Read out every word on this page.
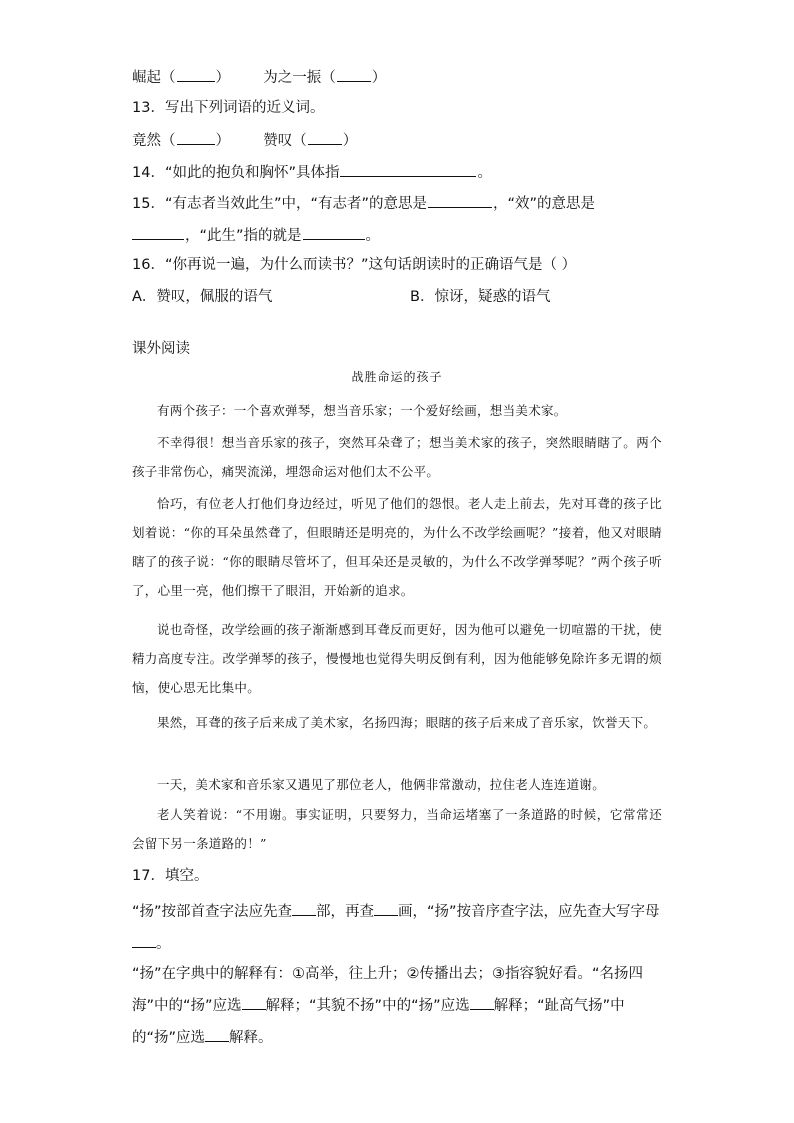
崛起（	） 为之一振（ ）
13．写出下列词语的近义词。
竟然（	） 赞叹（ ）
14．“如此的抱负和胸怀”具体指	。
15．“有志者当效此生”中，“有志者”的意思是	，“效”的意思是
，“此生”指的就是	。
16．“你再说一遍，为什么而读书？”这句话朗读时的正确语气是（ ）
A．赞叹，佩服的语气	B．惊讶，疑惑的语气
课外阅读
战胜命运的孩子
有两个孩子：一个喜欢弹琴，想当音乐家；一个爱好绘画，想当美术家。
不幸得很！想当音乐家的孩子，突然耳朵聋了；想当美术家的孩子，突然眼睛瞎了。两个孩子非常伤心，痛哭流涕，埋怨命运对他们太不公平。
恰巧，有位老人打他们身边经过，听见了他们的怨恨。老人走上前去，先对耳聋的孩子比划着说：“你的耳朵虽然聋了，但眼睛还是明亮的，为什么不改学绘画呢？”接着，他又对眼睛瞎了的孩子说：“你的眼睛尽管坏了，但耳朵还是灵敏的，为什么不改学弹琴呢？”两个孩子听了，心里一亮，他们擦干了眼泪，开始新的追求。
说也奇怪，改学绘画的孩子渐渐感到耳聋反而更好，因为他可以避免一切喧嚣的干扰，使精力高度专注。改学弹琴的孩子，慢慢地也觉得失明反倒有利，因为他能够免除许多无谓的烦恼，使心思无比集中。
果然，耳聋的孩子后来成了美术家，名扬四海；眼瞎的孩子后来成了音乐家，饮誉天下。
一天，美术家和音乐家又遇见了那位老人，他俩非常激动，拉住老人连连道谢。
老人笑着说：“不用谢。事实证明，只要努力，当命运堵塞了一条道路的时候，它常常还会留下另一条道路的！”
17．填空。
“扬”按部首查字法应先查 部，再查 画，“扬”按音序查字法，应先查大写字母。
“扬”在字典中的解释有：①高举，往上升；②传播出去；③指容貌好看。“名扬四海”中的“扬”应选 解释；“其貌不扬”中的“扬”应选 解释；“趾高气扬”中的“扬”应选 解释。
